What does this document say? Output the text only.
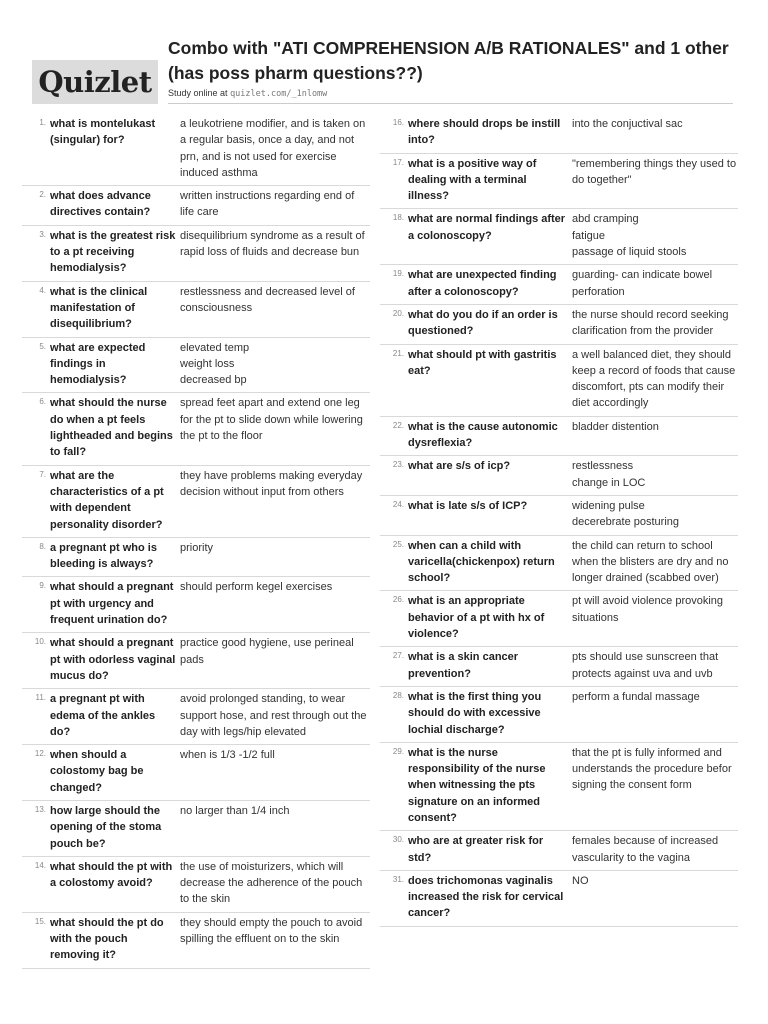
Quizlet
Combo with "ATI COMPREHENSION A/B RATIONALES" and 1 other (has poss pharm questions??)
Study online at quizlet.com/_1nlomw
1. what is montelukast (singular) for?
a leukotriene modifier, and is taken on a regular basis, once a day, and not prn, and is not used for exercise induced asthma
2. what does advance directives contain?
written instructions regarding end of life care
3. what is the greatest risk to a pt receiving hemodialysis?
disequilibrium syndrome as a result of rapid loss of fluids and decrease bun
4. what is the clinical manifestation of disequilibrium?
restlessness and decreased level of consciousness
5. what are expected findings in hemodialysis?
elevated temp
weight loss
decreased bp
6. what should the nurse do when a pt feels lightheaded and begins to fall?
spread feet apart and extend one leg for the pt to slide down while lowering the pt to the floor
7. what are the characteristics of a pt with dependent personality disorder?
they have problems making everyday decision without input from others
8. a pregnant pt who is bleeding is always?
priority
9. what should a pregnant pt with urgency and frequent urination do?
should perform kegel exercises
10. what should a pregnant pt with odorless vaginal mucus do?
practice good hygiene, use perineal pads
11. a pregnant pt with edema of the ankles do?
avoid prolonged standing, to wear support hose, and rest through out the day with legs/hip elevated
12. when should a colostomy bag be changed?
when is 1/3 -1/2 full
13. how large should the opening of the stoma pouch be?
no larger than 1/4 inch
14. what should the pt with a colostomy avoid?
the use of moisturizers, which will decrease the adherence of the pouch to the skin
15. what should the pt do with the pouch removing it?
they should empty the pouch to avoid spilling the effluent on to the skin
16. where should drops be instill into?
into the conjuctival sac
17. what is a positive way of dealing with a terminal illness?
"remembering things they used to do together"
18. what are normal findings after a colonoscopy?
abd cramping
fatigue
passage of liquid stools
19. what are unexpected finding after a colonoscopy?
guarding- can indicate bowel perforation
20. what do you do if an order is questioned?
the nurse should record seeking clarification from the provider
21. what should pt with gastritis eat?
a well balanced diet, they should keep a record of foods that cause discomfort, pts can modify their diet accordingly
22. what is the cause autonomic dysreflexia?
bladder distention
23. what are s/s of icp?	restlessness
change in LOC
24. what is late s/s of ICP?	widening pulse
decerebrate posturing
25. when can a child with varicella(chickenpox) return school?
the child can return to school when the blisters are dry and no longer drained (scabbed over)
26. what is an appropriate behavior of a pt with hx of violence?
pt will avoid violence provoking situations
27. what is a skin cancer prevention?
pts should use sunscreen that protects against uva and uvb
28. what is the first thing you should do with excessive lochial discharge?
perform a fundal massage
29. what is the nurse responsibility of the nurse when witnessing the pts signature on an informed consent?
that the pt is fully informed and understands the procedure befor signing the consent form
30. who are at greater risk for std?
females because of increased vascularity to the vagina
31. does trichomonas vaginalis increased the risk for cervical cancer?
NO
